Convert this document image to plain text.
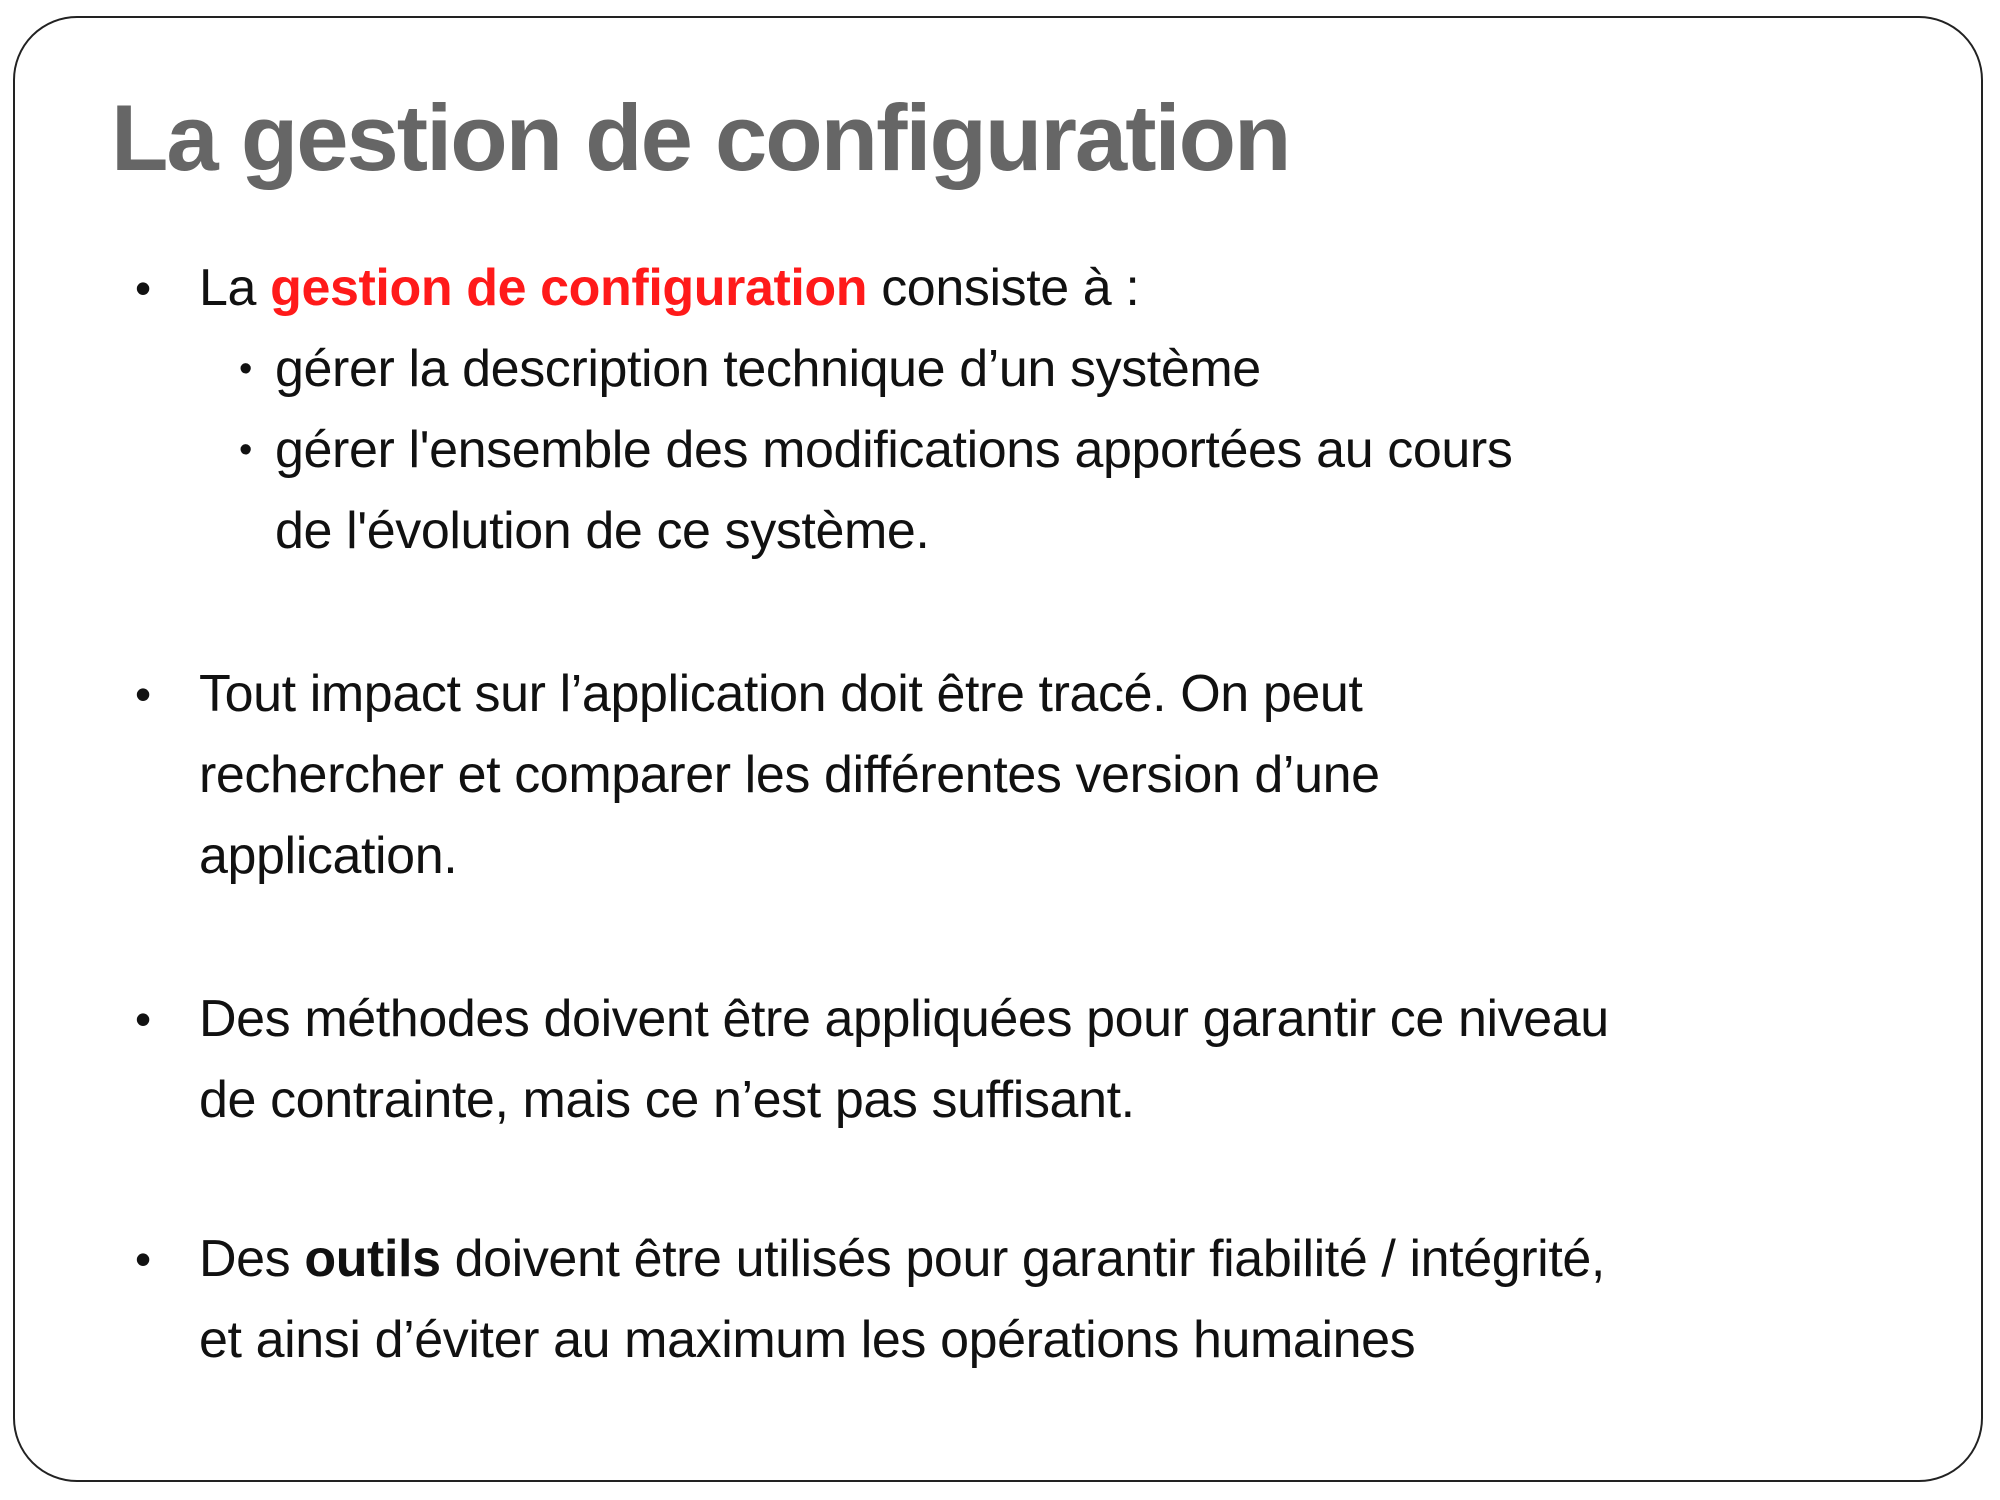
La gestion de configuration
• La gestion de configuration consiste à :
• gérer la description technique d’un système
• gérer l'ensemble des modifications apportées au cours
de l'évolution de ce système.
• Tout impact sur l’application doit être tracé. On peut
rechercher et comparer les différentes version d’une
application.
• Des méthodes doivent être appliquées pour garantir ce niveau
de contrainte, mais ce n’est pas suffisant.
• Des outils doivent être utilisés pour garantir fiabilité / intégrité,
et ainsi d’éviter au maximum les opérations humaines
